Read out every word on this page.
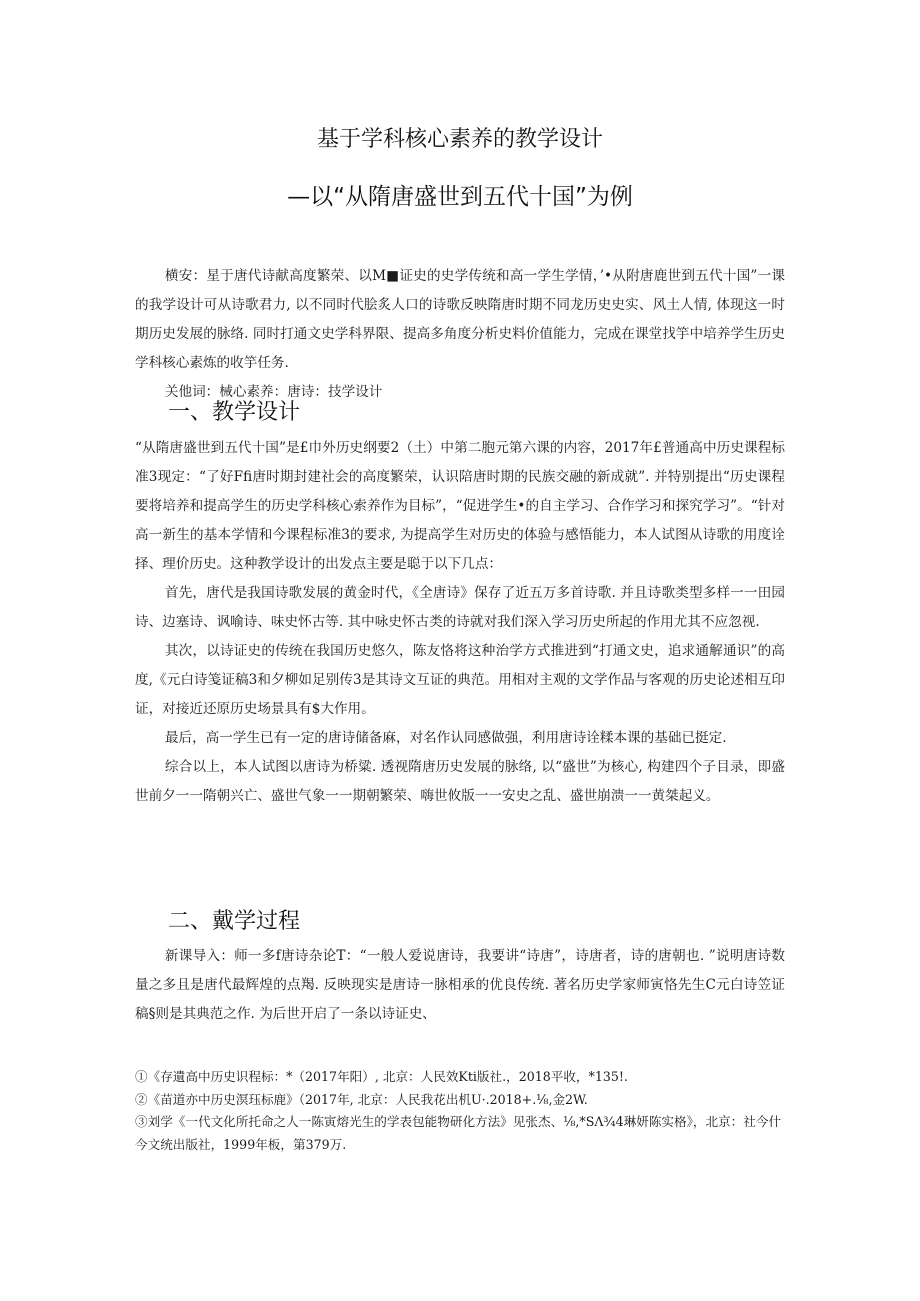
基于学科核心素养的教学设计
—以“从隋唐盛世到五代十国”为例

横安：星于唐代诗献高度繁荣、以M■证史的史学传统和高一学生学情，’•从附唐鹿世到五代十国”一课的我学设计可从诗歌君力, 以不同时代脍炙人口的诗歌反映隋唐时期不同龙历史史实、风土人情, 体现这一时期历史发展的脉络. 同时打通文史学科界限、提高多角度分析史料价值能力，完成在课堂找竽中培养学生历史学科核心素炼的收竽任务.

关他词：械心素养：唐诗：技学设计

一、教学设计

“从隋唐盛世到五代十国”是£巾外历史纲要2（土）中第二胞元第六课的内容，2017年£普通高中历史课程标准3现定：“了好Ffi唐时期封建社会的高度繁荣，认识陪唐时期的民族交融的新成就”. 并特别提出“历史课程要将培养和提高学生的历史学科核心索养作为目标”，“促进学生•的自主学习、合作学习和探究学习”。“针对高一新生的基本学情和今课程标准3的要求, 为提高学生对历史的体验与感悟能力，本人试图从诗歌的用度诠择、理价历史。这种教学设计的出发点主要是聪于以下几点：

首先，唐代是我国诗歌发展的黄金时代，《全唐诗》保存了近五万多首诗歌. 并且诗歌类型多样一一田园诗、边塞诗、讽喻诗、味史怀古等. 其中咏史怀古类的诗就对我们深入学习历史所起的作用尤其不应忽视.

其次，以诗证史的传统在我国历史悠久，陈友恪将这种治学方式推进到“打通文史，追求通解通识”的高度,《元白诗笺证稿3和夕柳如足别传3是其诗文互证的典范。用相对主观的文学作品与客观的历史论述相互印证，对接近还原历史场景具有$大作用。

最后，高一学生已有一定的唐诗储备麻，对名作认同感做强，利用唐诗诠糅本课的基础已挺定.

综合以上，本人试图以唐诗为桥粱. 透视隋唐历史发展的脉络, 以“盛世”为核心, 构建四个子目录，即盛世前夕一一隋朝兴亡、盛世气象一一期朝繁荣、嗨世攸版一一安史之乱、盛世崩溃一一黄桀起义。

二、戴学过程

新课导入：师一多f唐诗杂论T：“一般人爱说唐诗，我要讲“诗唐”，诗唐者，诗的唐朝也. ”说明唐诗数量之多且是唐代最辉煌的点羯. 反映现实是唐诗一脉相承的优良传统. 著名历史学家师寅恪先生C元白诗笠证稿§则是其典范之作. 为后世开启了一条以诗证史、

①《存遺高中历史识程标：*（2017年阳）, 北京：人民效Kti版社.，2018平收，*135!.

②《苗道亦中历史溟珏标鹿》（2017年, 北京：人民我花出机U·.2018+.⅛,金2W.

③刘学《一代文化所托命之人一陈寅熔光生的学表包能物研化方法》见张杰、⅛,*SΛ¾4琳妍陈实格》，北京：社今什今文统出版社，1999年板，第379万.
